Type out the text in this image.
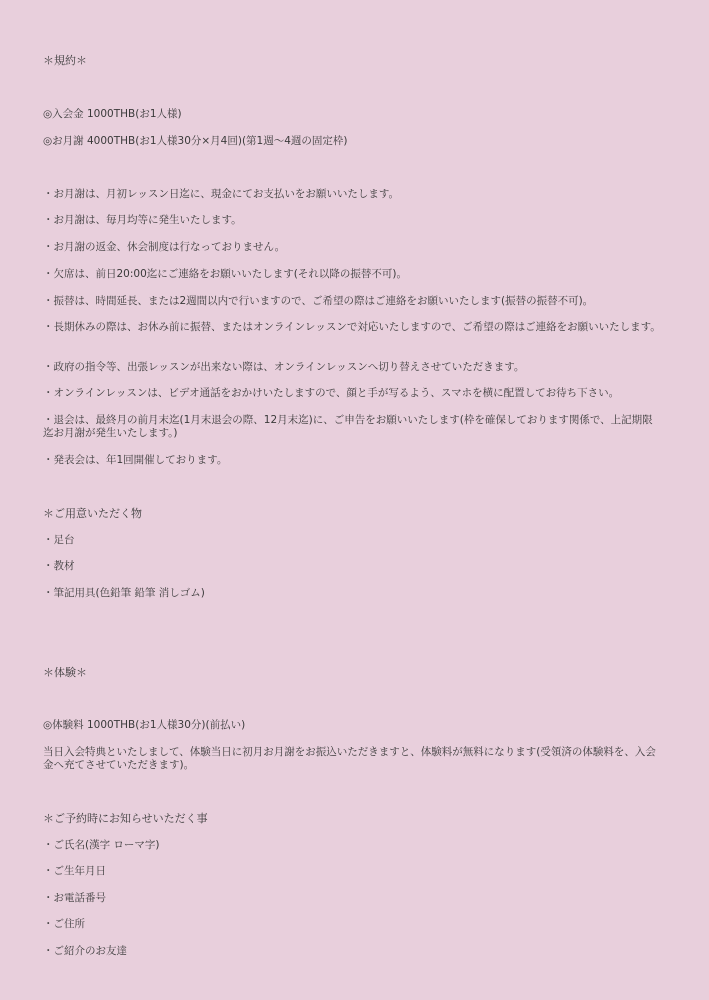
＊規約＊
◎入会金 1000THB(お1人様)
◎お月謝 4000THB(お1人様30分×月4回)(第1週〜4週の固定枠)
・お月謝は、月初レッスン日迄に、現金にてお支払いをお願いいたします。
・お月謝は、毎月均等に発生いたします。
・お月謝の返金、休会制度は行なっておりません。
・欠席は、前日20:00迄にご連絡をお願いいたします(それ以降の振替不可)。
・振替は、時間延長、または2週間以内で行いますので、ご希望の際はご連絡をお願いいたします(振替の振替不可)。
・長期休みの際は、お休み前に振替、またはオンラインレッスンで対応いたしますので、ご希望の際はご連絡をお願いいたします。
・政府の指令等、出張レッスンが出来ない際は、オンラインレッスンへ切り替えさせていただきます。
・オンラインレッスンは、ビデオ通話をおかけいたしますので、顔と手が写るよう、スマホを横に配置してお待ち下さい。
・退会は、最終月の前月末迄(1月末退会の際、12月末迄)に、ご申告をお願いいたします(枠を確保しております関係で、上記期限迄お月謝が発生いたします。)
・発表会は、年1回開催しております。
＊ご用意いただく物
・足台
・教材
・筆記用具(色鉛筆 鉛筆 消しゴム)
＊体験＊
◎体験料 1000THB(お1人様30分)(前払い)
当日入会特典といたしまして、体験当日に初月お月謝をお振込いただきますと、体験料が無料になります(受領済の体験料を、入会金へ充てさせていただきます)。
＊ご予約時にお知らせいただく事
・ご氏名(漢字 ローマ字)
・ご生年月日
・お電話番号
・ご住所
・ご紹介のお友達
